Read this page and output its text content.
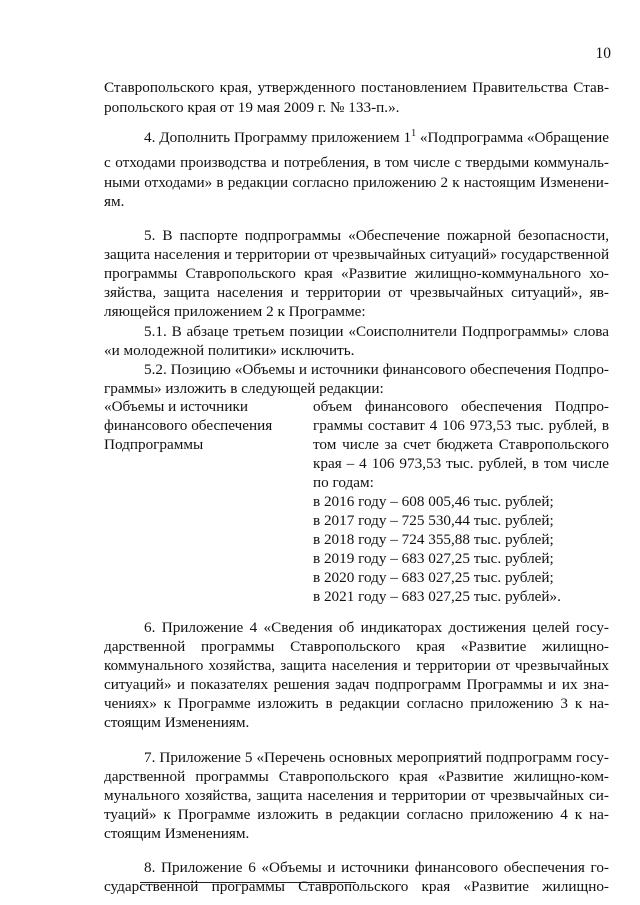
10
Ставропольского края, утвержденного постановлением Правительства Став-
ропольского края от 19 мая 2009 г. № 133-п.».
4. Дополнить Программу приложением $1^1$ «Подпрограмма «Обращение
с отходами производства и потребления, в том числе с твердыми коммуналь-
ными отходами» в редакции согласно приложению 2 к настоящим Изменени-
ям.
5. В паспорте подпрограммы «Обеспечение пожарной безопасности,
защита населения и территории от чрезвычайных ситуаций» государственной
программы Ставропольского края «Развитие жилищно-коммунального хо-
зяйства, защита населения и территории от чрезвычайных ситуаций», яв-
ляющейся приложением 2 к Программе:
5.1. В абзаце третьем позиции «Соисполнители Подпрограммы» слова
«и молодежной политики» исключить.
5.2. Позицию «Объемы и источники финансового обеспечения Подпро-
граммы» изложить в следующей редакции:
«Объемы и источники
финансового обеспечения
Подпрограммы
объем финансового обеспечения Подпро-
граммы составит 4 106 973,53 тыс. рублей, в
том числе за счет бюджета Ставропольского
края – 4 106 973,53 тыс. рублей, в том числе
по годам:
в 2016 году – 608 005,46 тыс. рублей;
в 2017 году – 725 530,44 тыс. рублей;
в 2018 году – 724 355,88 тыс. рублей;
в 2019 году – 683 027,25 тыс. рублей;
в 2020 году – 683 027,25 тыс. рублей;
в 2021 году – 683 027,25 тыс. рублей».
6. Приложение 4 «Сведения об индикаторах достижения целей госу-
дарственной программы Ставропольского края «Развитие жилищно-
коммунального хозяйства, защита населения и территории от чрезвычайных
ситуаций» и показателях решения задач подпрограмм Программы и их зна-
чениях» к Программе изложить в редакции согласно приложению 3 к на-
стоящим Изменениям.
7. Приложение 5 «Перечень основных мероприятий подпрограмм госу-
дарственной программы Ставропольского края «Развитие жилищно-ком-
мунального хозяйства, защита населения и территории от чрезвычайных си-
туаций» к Программе изложить в редакции согласно приложению 4 к на-
стоящим Изменениям.
8. Приложение 6 «Объемы и источники финансового обеспечения го-
сударственной программы Ставропольского края «Развитие жилищно-
